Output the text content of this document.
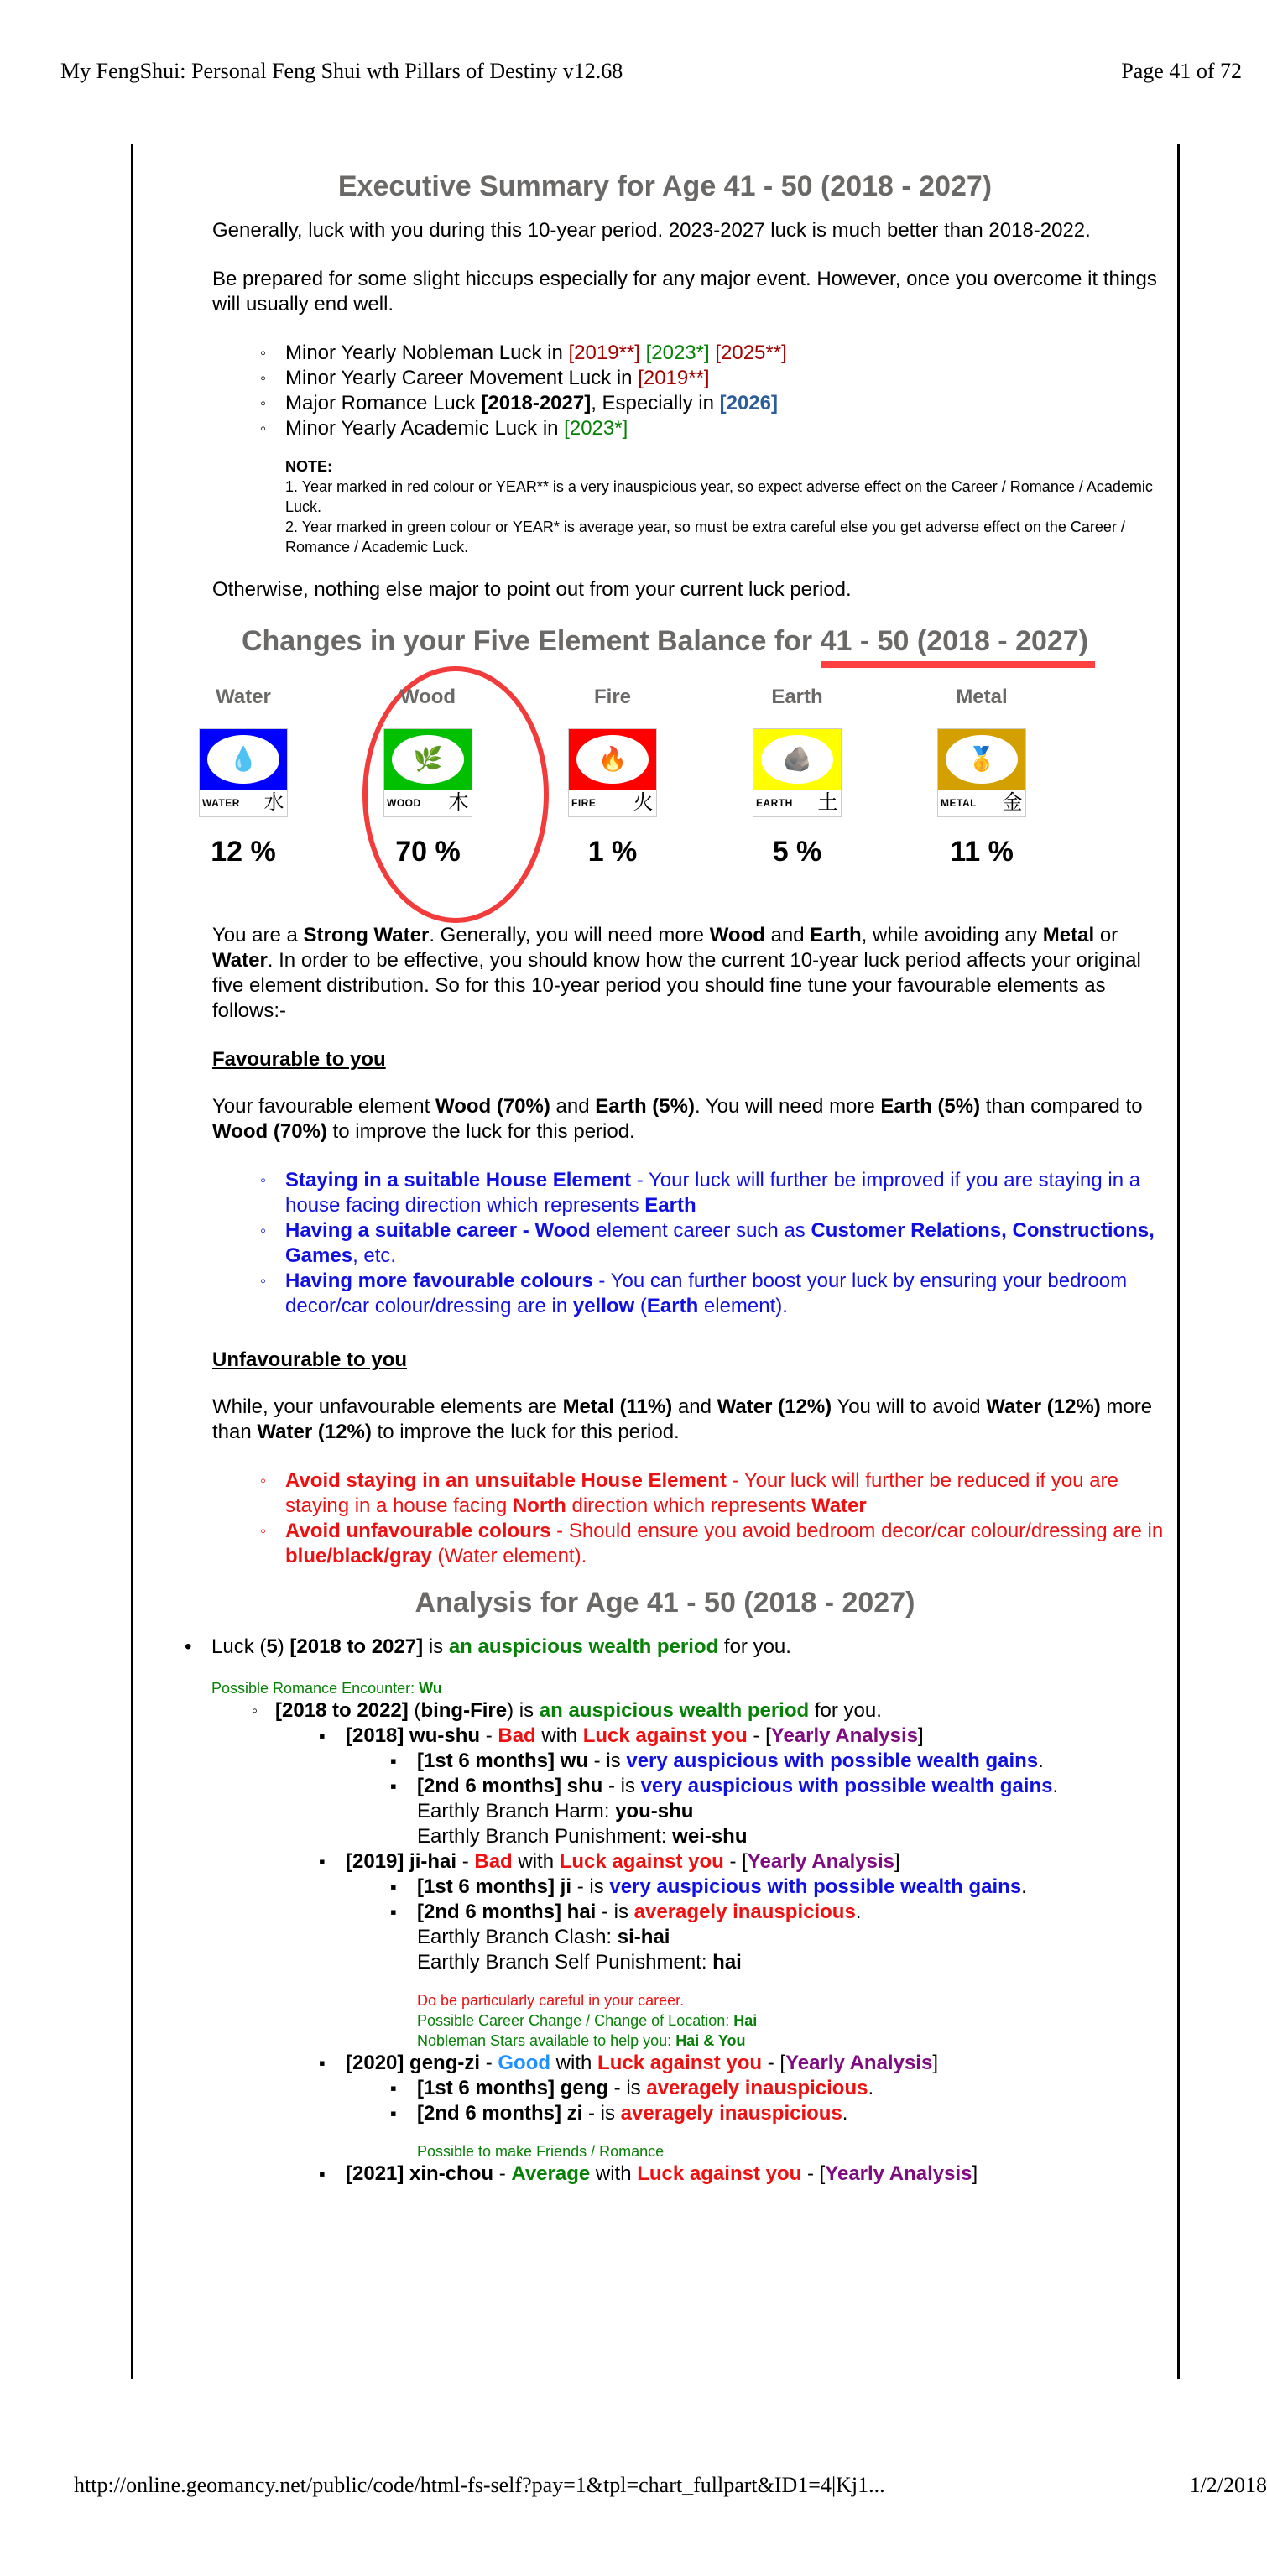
My FengShui: Personal Feng Shui wth Pillars of Destiny v12.68	Page 41 of 72
Executive Summary for Age 41 - 50 (2018 - 2027)

Generally, luck with you during this 10-year period. 2023-2027 luck is much better than 2018-2022.

Be prepared for some slight hiccups especially for any major event. However, once you overcome it things will usually end well.

◦ Minor Yearly Nobleman Luck in [2019**] [2023*] [2025**]
◦ Minor Yearly Career Movement Luck in [2019**]
◦ Major Romance Luck [2018-2027], Especially in [2026]
◦ Minor Yearly Academic Luck in [2023*]
NOTE:
1. Year marked in red colour or YEAR** is a very inauspicious year, so expect adverse effect on the Career / Romance / Academic Luck.
2. Year marked in green colour or YEAR* is average year, so must be extra careful else you get adverse effect on the Career / Romance / Academic Luck.

Otherwise, nothing else major to point out from your current luck period.

Changes in your Five Element Balance for 41 - 50 (2018 - 2027)
Water
💧
WATER 水
12 %
Wood
🌿
WOOD 木
70 %
Fire
🔥
FIRE 火
1 %
Earth
🪨
EARTH 土
5 %
Metal
🥇
METAL 金
11 %

You are a Strong Water. Generally, you will need more Wood and Earth, while avoiding any Metal or Water. In order to be effective, you should know how the current 10-year luck period affects your original five element distribution. So for this 10-year period you should fine tune your favourable elements as follows:-

Favourable to you

Your favourable element Wood (70%) and Earth (5%). You will need more Earth (5%) than compared to Wood (70%) to improve the luck for this period.

◦ Staying in a suitable House Element - Your luck will further be improved if you are staying in a house facing direction which represents Earth
◦ Having a suitable career - Wood element career such as Customer Relations, Constructions, Games, etc.
◦ Having more favourable colours - You can further boost your luck by ensuring your bedroom decor/car colour/dressing are in yellow (Earth element).
Unfavourable to you

While, your unfavourable elements are Metal (11%) and Water (12%) You will to avoid Water (12%) more than Water (12%) to improve the luck for this period.

◦ Avoid staying in an unsuitable House Element - Your luck will further be reduced if you are staying in a house facing North direction which represents Water
◦ Avoid unfavourable colours - Should ensure you avoid bedroom decor/car colour/dressing are in blue/black/gray (Water element).
Analysis for Age 41 - 50 (2018 - 2027)
• Luck (5) [2018 to 2027] is an auspicious wealth period for you.
Possible Romance Encounter: Wu
◦ [2018 to 2022] (bing-Fire) is an auspicious wealth period for you.
▪ [2018] wu-shu - Bad with Luck against you - [Yearly Analysis]
▪ [1st 6 months] wu - is very auspicious with possible wealth gains.
▪ [2nd 6 months] shu - is very auspicious with possible wealth gains.
Earthly Branch Harm: you-shu
Earthly Branch Punishment: wei-shu
▪ [2019] ji-hai - Bad with Luck against you - [Yearly Analysis]
▪ [1st 6 months] ji - is very auspicious with possible wealth gains.
▪ [2nd 6 months] hai - is averagely inauspicious.
Earthly Branch Clash: si-hai
Earthly Branch Self Punishment: hai
Do be particularly careful in your career.
Possible Career Change / Change of Location: Hai
Nobleman Stars available to help you: Hai & You
▪ [2020] geng-zi - Good with Luck against you - [Yearly Analysis]
▪ [1st 6 months] geng - is averagely inauspicious.
▪ [2nd 6 months] zi - is averagely inauspicious.
Possible to make Friends / Romance
▪ [2021] xin-chou - Average with Luck against you - [Yearly Analysis]
http://online.geomancy.net/public/code/html-fs-self?pay=1&tpl=chart_fullpart&ID1=4|Kj1...	1/2/2018
